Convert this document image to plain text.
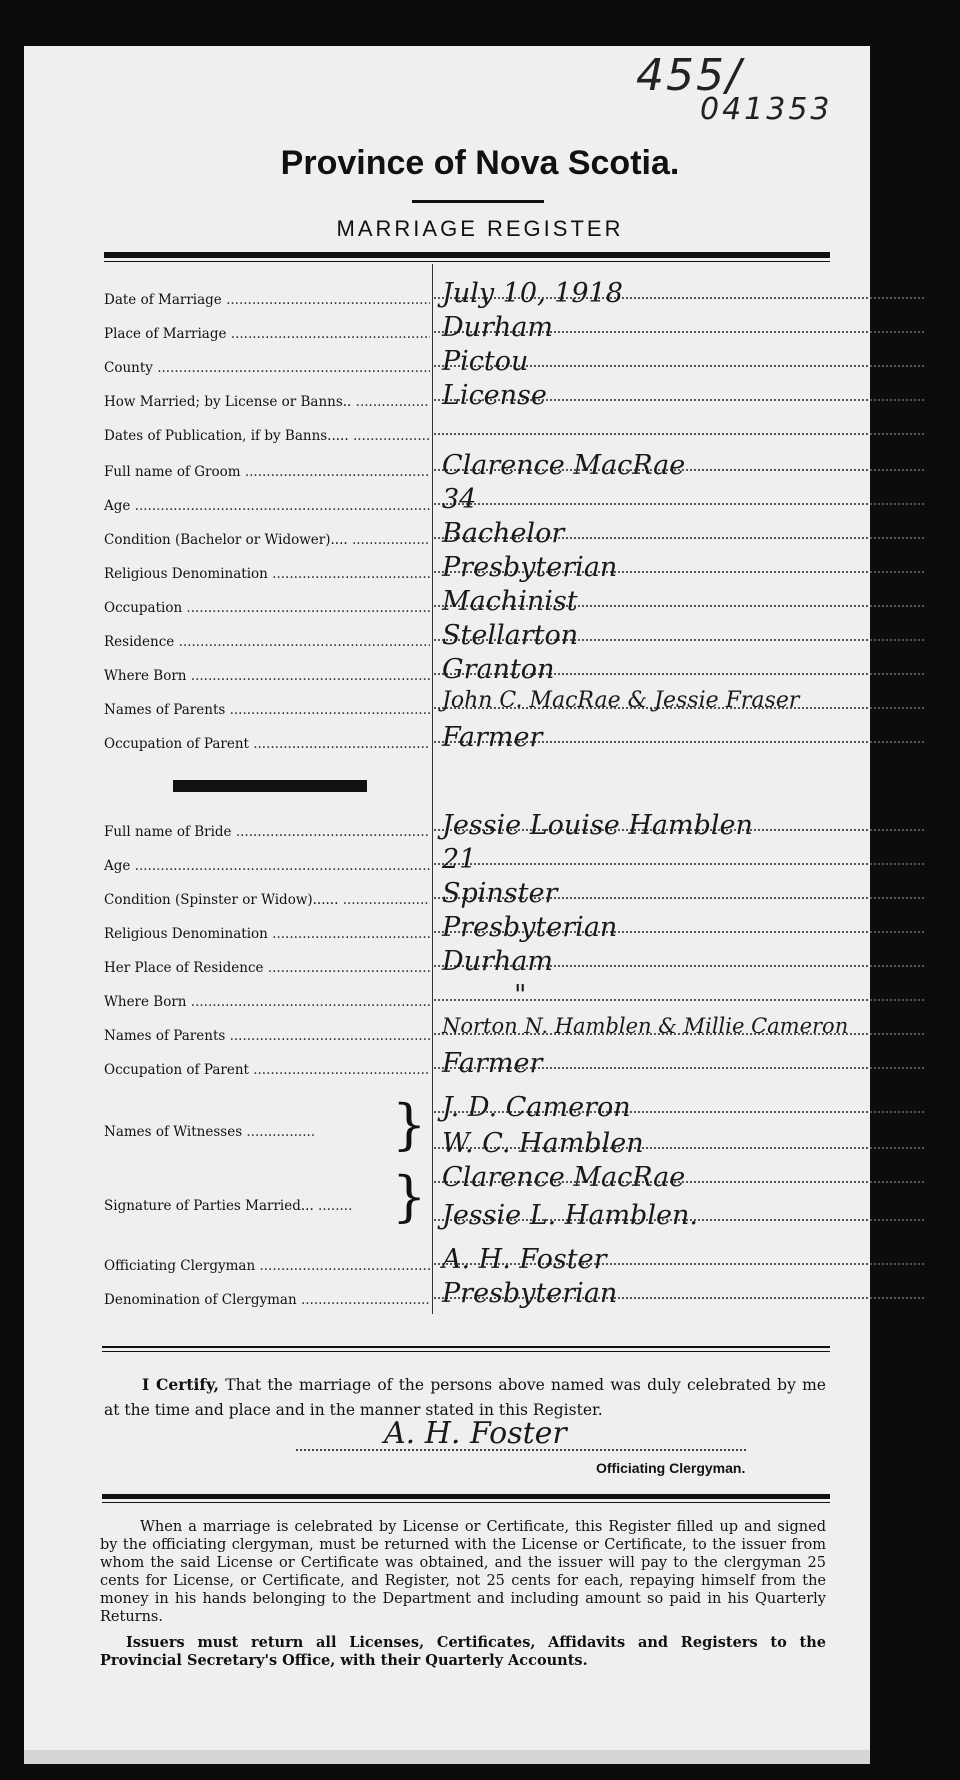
455/
041353
Province of Nova Scotia.
MARRIAGE REGISTER
Date of Marriage .....	July 10, 1918
Place of Marriage .....	Durham
County .....	Pictou
How Married; by License or Banns.. .....	License
Dates of Publication, if by Banns..... .....
Full name of Groom .....	Clarence MacRae
Age .....	34
Condition (Bachelor or Widower).... .....	Bachelor
Religious Denomination .....	Presbyterian
Occupation .....	Machinist
Residence .....	Stellarton
Where Born .....	Granton
Names of Parents .....	John C. MacRae & Jessie Fraser
Occupation of Parent .....	Farmer
Full name of Bride .....	Jessie Louise Hamblen
Age .....	21
Condition (Spinster or Widow)...... .....	Spinster
Religious Denomination .....	Presbyterian
Her Place of Residence .....	Durham
Where Born .....	"
Names of Parents .....	Norton N. Hamblen & Millie Cameron
Occupation of Parent .....	Farmer
J. D. Cameron
Names of Witnesses .....	} W. C. Hamblen
Clarence MacRae
Signature of Parties Married... .....	} Jessie L. Hamblen.
Officiating Clergyman .....	A. H. Foster
Denomination of Clergyman .....	Presbyterian
I Certify, That the marriage of the persons above named was duly celebrated by me at the time and place and in the manner stated in this Register.
A. H. Foster
Officiating Clergyman.

When a marriage is celebrated by License or Certificate, this Register filled up and signed by the officiating clergyman, must be returned with the License or Certificate, to the issuer from whom the said License or Certificate was obtained, and the issuer will pay to the clergyman 25 cents for License, or Certificate, and Register, not 25 cents for each, repaying himself from the money in his hands belonging to the Department and including amount so paid in his Quarterly Returns.

Issuers must return all Licenses, Certificates, Affidavits and Registers to the Provincial Secretary's Office, with their Quarterly Accounts.
